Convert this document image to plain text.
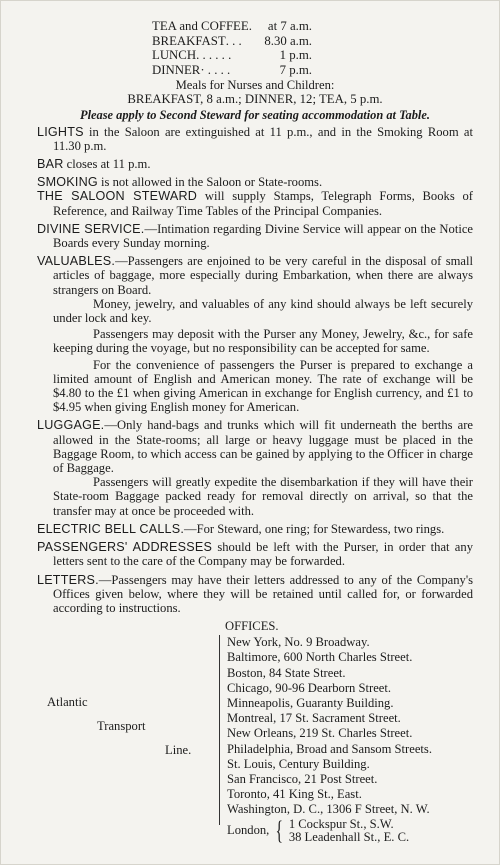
TEA and COFFEE. at 7 a.m.
BREAKFAST . . .	8.30 a.m.
LUNCH . . . . . .	1 p.m.
DINNER · . . . .	7 p.m.
Meals for Nurses and Children:
BREAKFAST, 8 a.m.; DINNER, 12; TEA, 5 p.m.
Please apply to Second Steward for seating accommodation at Table.

LIGHTS in the Saloon are extinguished at 11 p.m., and in the Smoking Room at 11.30 p.m.

BAR closes at 11 p.m.

SMOKING is not allowed in the Saloon or State-rooms.

THE SALOON STEWARD will supply Stamps, Telegraph Forms, Books of Reference, and Railway Time Tables of the Principal Companies.

DIVINE SERVICE.—Intimation regarding Divine Service will appear on the Notice Boards every Sunday morning.

VALUABLES.—Passengers are enjoined to be very careful in the disposal of small articles of baggage, more especially during Embarkation, when there are always strangers on Board.

Money, jewelry, and valuables of any kind should always be left securely under lock and key.

Passengers may deposit with the Purser any Money, Jewelry, &c., for safe keeping during the voyage, but no responsibility can be accepted for same.

For the convenience of passengers the Purser is prepared to exchange a limited amount of English and American money. The rate of exchange will be $4.80 to the £1 when giving American in exchange for English currency, and £1 to $4.95 when giving English money for American.

LUGGAGE.—Only hand-bags and trunks which will fit underneath the berths are allowed in the State-rooms; all large or heavy luggage must be placed in the Baggage Room, to which access can be gained by applying to the Officer in charge of Baggage.

Passengers will greatly expedite the disembarkation if they will have their State-room Baggage packed ready for removal directly on arrival, so that the transfer may at once be proceeded with.

ELECTRIC BELL CALLS.—For Steward, one ring; for Stewardess, two rings.

PASSENGERS' ADDRESSES should be left with the Purser, in order that any letters sent to the care of the Company may be forwarded.

LETTERS.—Passengers may have their letters addressed to any of the Company's Offices given below, where they will be retained until called for, or forwarded according to instructions.

OFFICES.
Atlantic
Transport
Line.
New York, No. 9 Broadway.
Baltimore, 600 North Charles Street.
Boston, 84 State Street.
Chicago, 90-96 Dearborn Street.
Minneapolis, Guaranty Building.
Montreal, 17 St. Sacrament Street.
New Orleans, 219 St. Charles Street.
Philadelphia, Broad and Sansom Streets.
St. Louis, Century Building.
San Francisco, 21 Post Street.
Toronto, 41 King St., East.
Washington, D. C., 1306 F Street, N. W.
London, { 1 Cockspur St., S.W.
38 Leadenhall St., E. C.
